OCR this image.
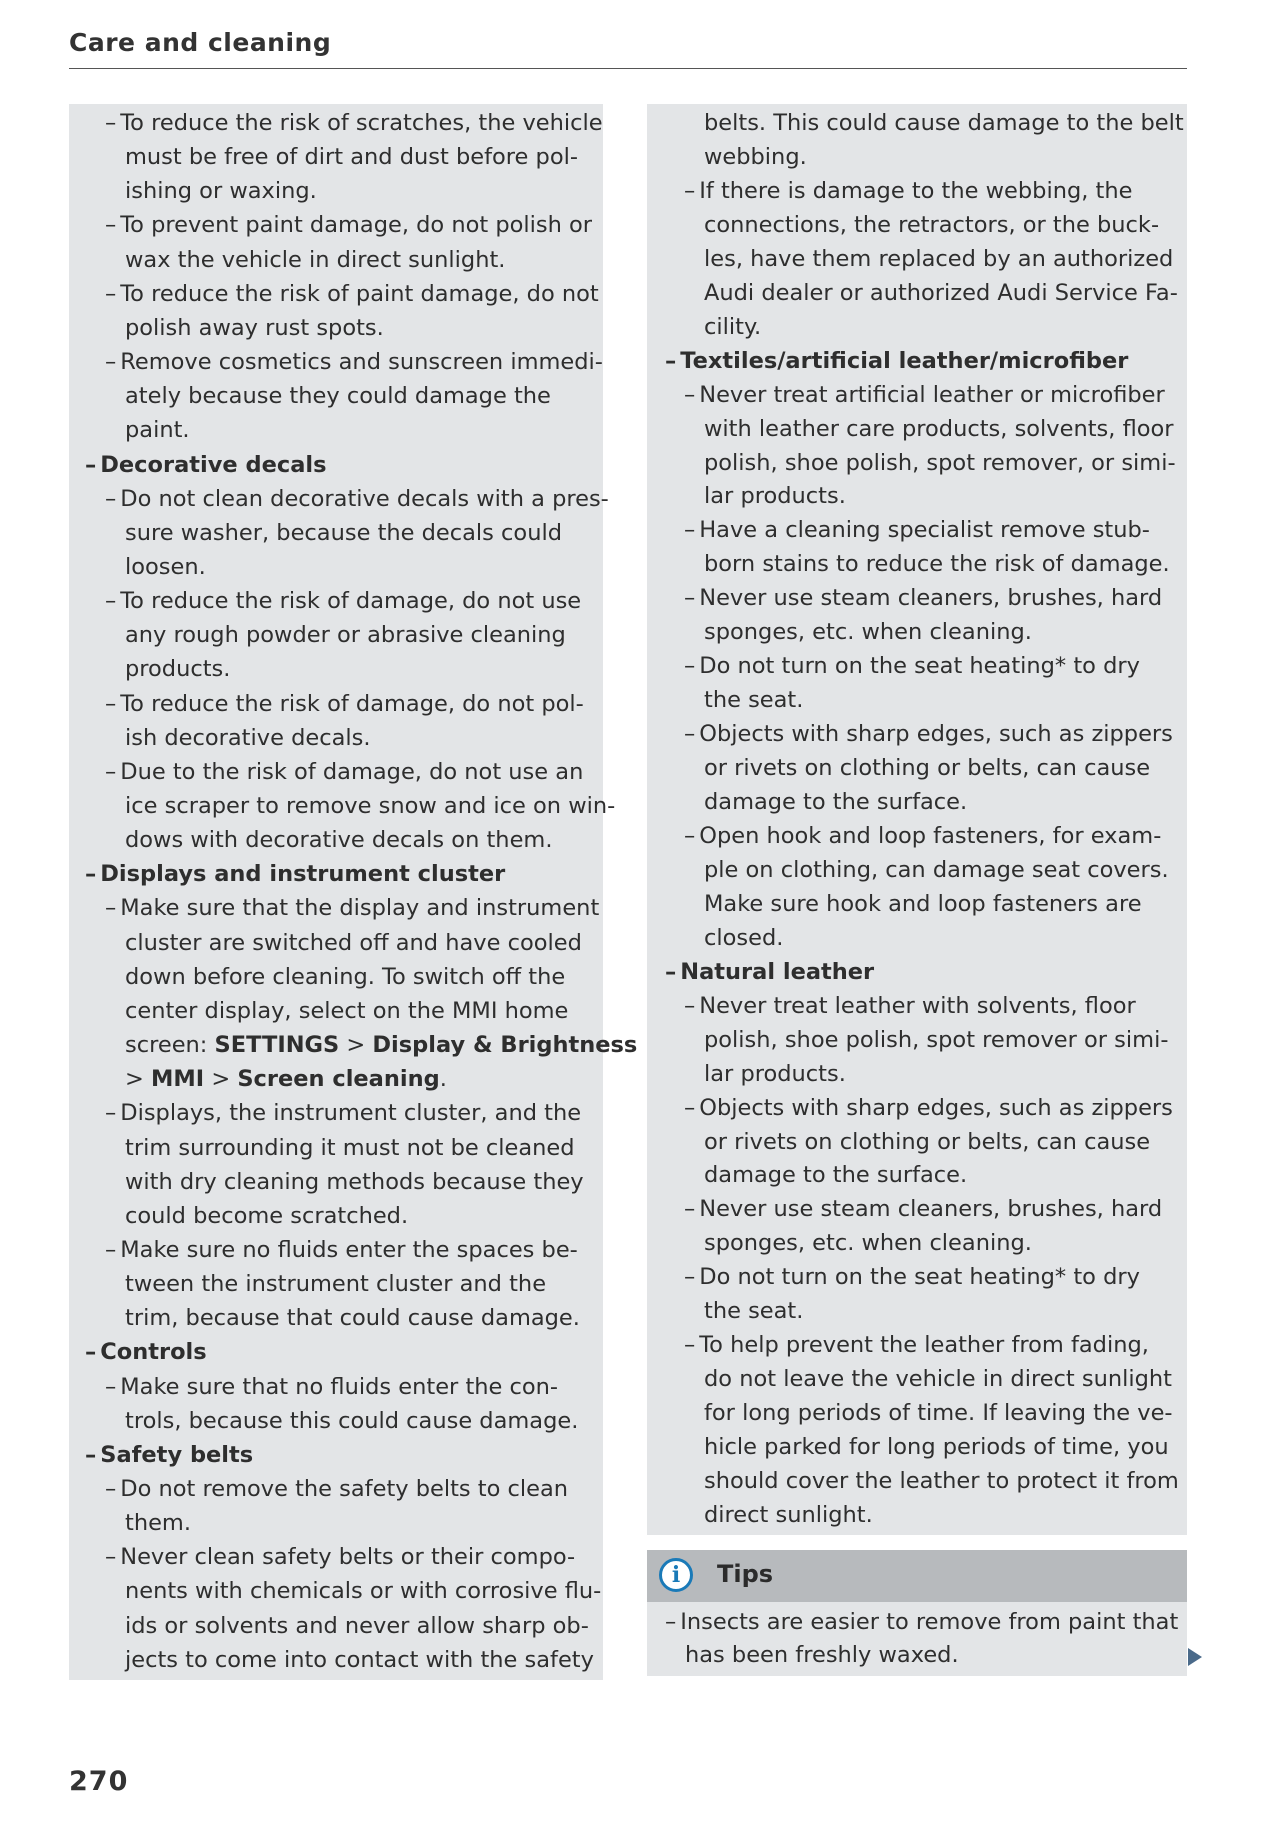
Care and cleaning
– To reduce the risk of scratches, the vehicle
must be free of dirt and dust before pol-
ishing or waxing.
– To prevent paint damage, do not polish or
wax the vehicle in direct sunlight.
– To reduce the risk of paint damage, do not
polish away rust spots.
– Remove cosmetics and sunscreen immedi-
ately because they could damage the
paint.
– Decorative decals
– Do not clean decorative decals with a pres-
sure washer, because the decals could
loosen.
– To reduce the risk of damage, do not use
any rough powder or abrasive cleaning
products.
– To reduce the risk of damage, do not pol-
ish decorative decals.
– Due to the risk of damage, do not use an
ice scraper to remove snow and ice on win-
dows with decorative decals on them.
– Displays and instrument cluster
– Make sure that the display and instrument
cluster are switched off and have cooled
down before cleaning. To switch off the
center display, select on the MMI home
screen: SETTINGS > Display & Brightness
> MMI > Screen cleaning.
– Displays, the instrument cluster, and the
trim surrounding it must not be cleaned
with dry cleaning methods because they
could become scratched.
– Make sure no fluids enter the spaces be-
tween the instrument cluster and the
trim, because that could cause damage.
– Controls
– Make sure that no fluids enter the con-
trols, because this could cause damage.
– Safety belts
– Do not remove the safety belts to clean
them.
– Never clean safety belts or their compo-
nents with chemicals or with corrosive flu-
ids or solvents and never allow sharp ob-
jects to come into contact with the safety
belts. This could cause damage to the belt
webbing.
– If there is damage to the webbing, the
connections, the retractors, or the buck-
les, have them replaced by an authorized
Audi dealer or authorized Audi Service Fa-
cility.
– Textiles/artificial leather/microfiber
– Never treat artificial leather or microfiber
with leather care products, solvents, floor
polish, shoe polish, spot remover, or simi-
lar products.
– Have a cleaning specialist remove stub-
born stains to reduce the risk of damage.
– Never use steam cleaners, brushes, hard
sponges, etc. when cleaning.
– Do not turn on the seat heating* to dry
the seat.
– Objects with sharp edges, such as zippers
or rivets on clothing or belts, can cause
damage to the surface.
– Open hook and loop fasteners, for exam-
ple on clothing, can damage seat covers.
Make sure hook and loop fasteners are
closed.
– Natural leather
– Never treat leather with solvents, floor
polish, shoe polish, spot remover or simi-
lar products.
– Objects with sharp edges, such as zippers
or rivets on clothing or belts, can cause
damage to the surface.
– Never use steam cleaners, brushes, hard
sponges, etc. when cleaning.
– Do not turn on the seat heating* to dry
the seat.
– To help prevent the leather from fading,
do not leave the vehicle in direct sunlight
for long periods of time. If leaving the ve-
hicle parked for long periods of time, you
should cover the leather to protect it from
direct sunlight.
i	Tips
– Insects are easier to remove from paint that
has been freshly waxed.
270
